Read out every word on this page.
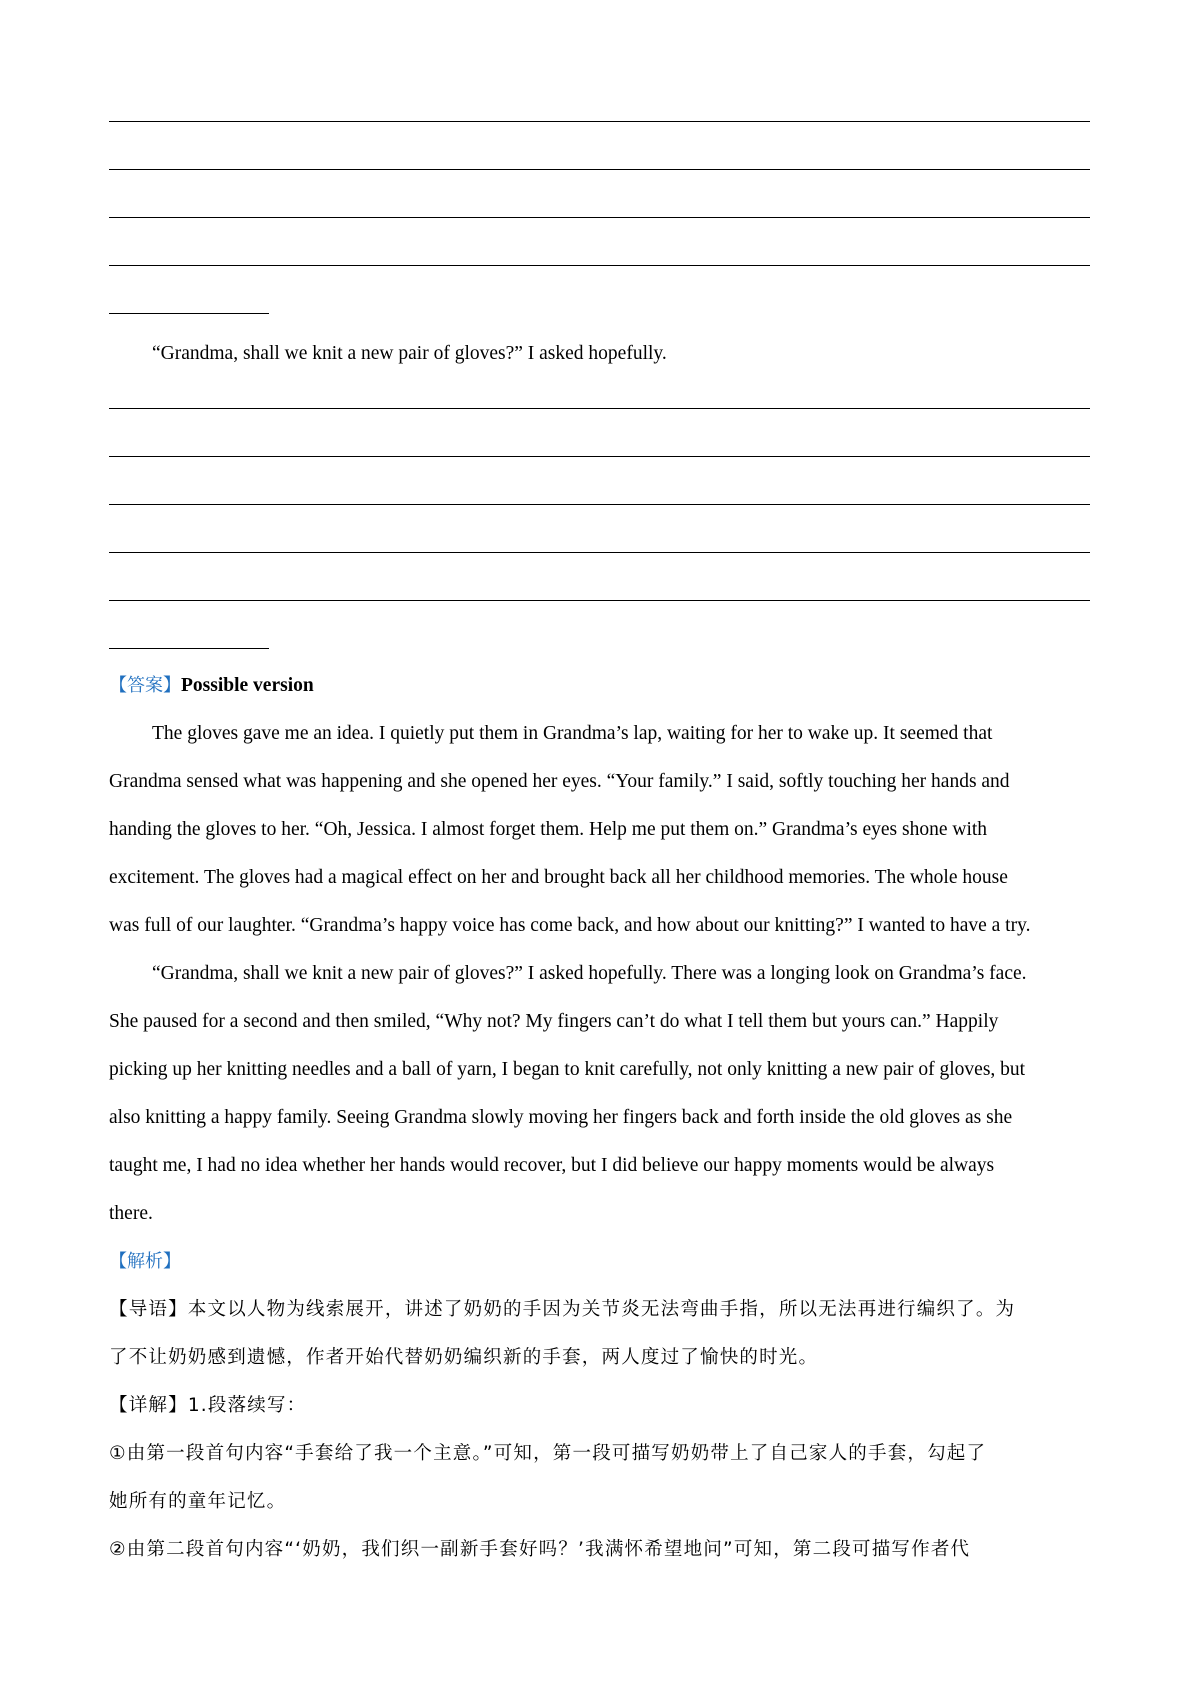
“Grandma, shall we knit a new pair of gloves?” I asked hopefully.
【答案】Possible version
The gloves gave me an idea. I quietly put them in Grandma’s lap, waiting for her to wake up. It seemed that
Grandma sensed what was happening and she opened her eyes. “Your family.” I said, softly touching her hands and
handing the gloves to her. “Oh, Jessica. I almost forget them. Help me put them on.” Grandma’s eyes shone with
excitement. The gloves had a magical effect on her and brought back all her childhood memories. The whole house
was full of our laughter. “Grandma’s happy voice has come back, and how about our knitting?” I wanted to have a try.
“Grandma, shall we knit a new pair of gloves?” I asked hopefully. There was a longing look on Grandma’s face.
She paused for a second and then smiled, “Why not? My fingers can’t do what I tell them but yours can.” Happily
picking up her knitting needles and a ball of yarn, I began to knit carefully, not only knitting a new pair of gloves, but
also knitting a happy family. Seeing Grandma slowly moving her fingers back and forth inside the old gloves as she
taught me, I had no idea whether her hands would recover, but I did believe our happy moments would be always
there.
【解析】
【导语】本文以人物为线索展开，讲述了奶奶的手因为关节炎无法弯曲手指，所以无法再进行编织了。为
了不让奶奶感到遗憾，作者开始代替奶奶编织新的手套，两人度过了愉快的时光。
【详解】1.段落续写：
①由第一段首句内容“手套给了我一个主意。”可知，第一段可描写奶奶带上了自己家人的手套，勾起了
她所有的童年记忆。
②由第二段首句内容“‘奶奶，我们织一副新手套好吗？’我满怀希望地问”可知，第二段可描写作者代
